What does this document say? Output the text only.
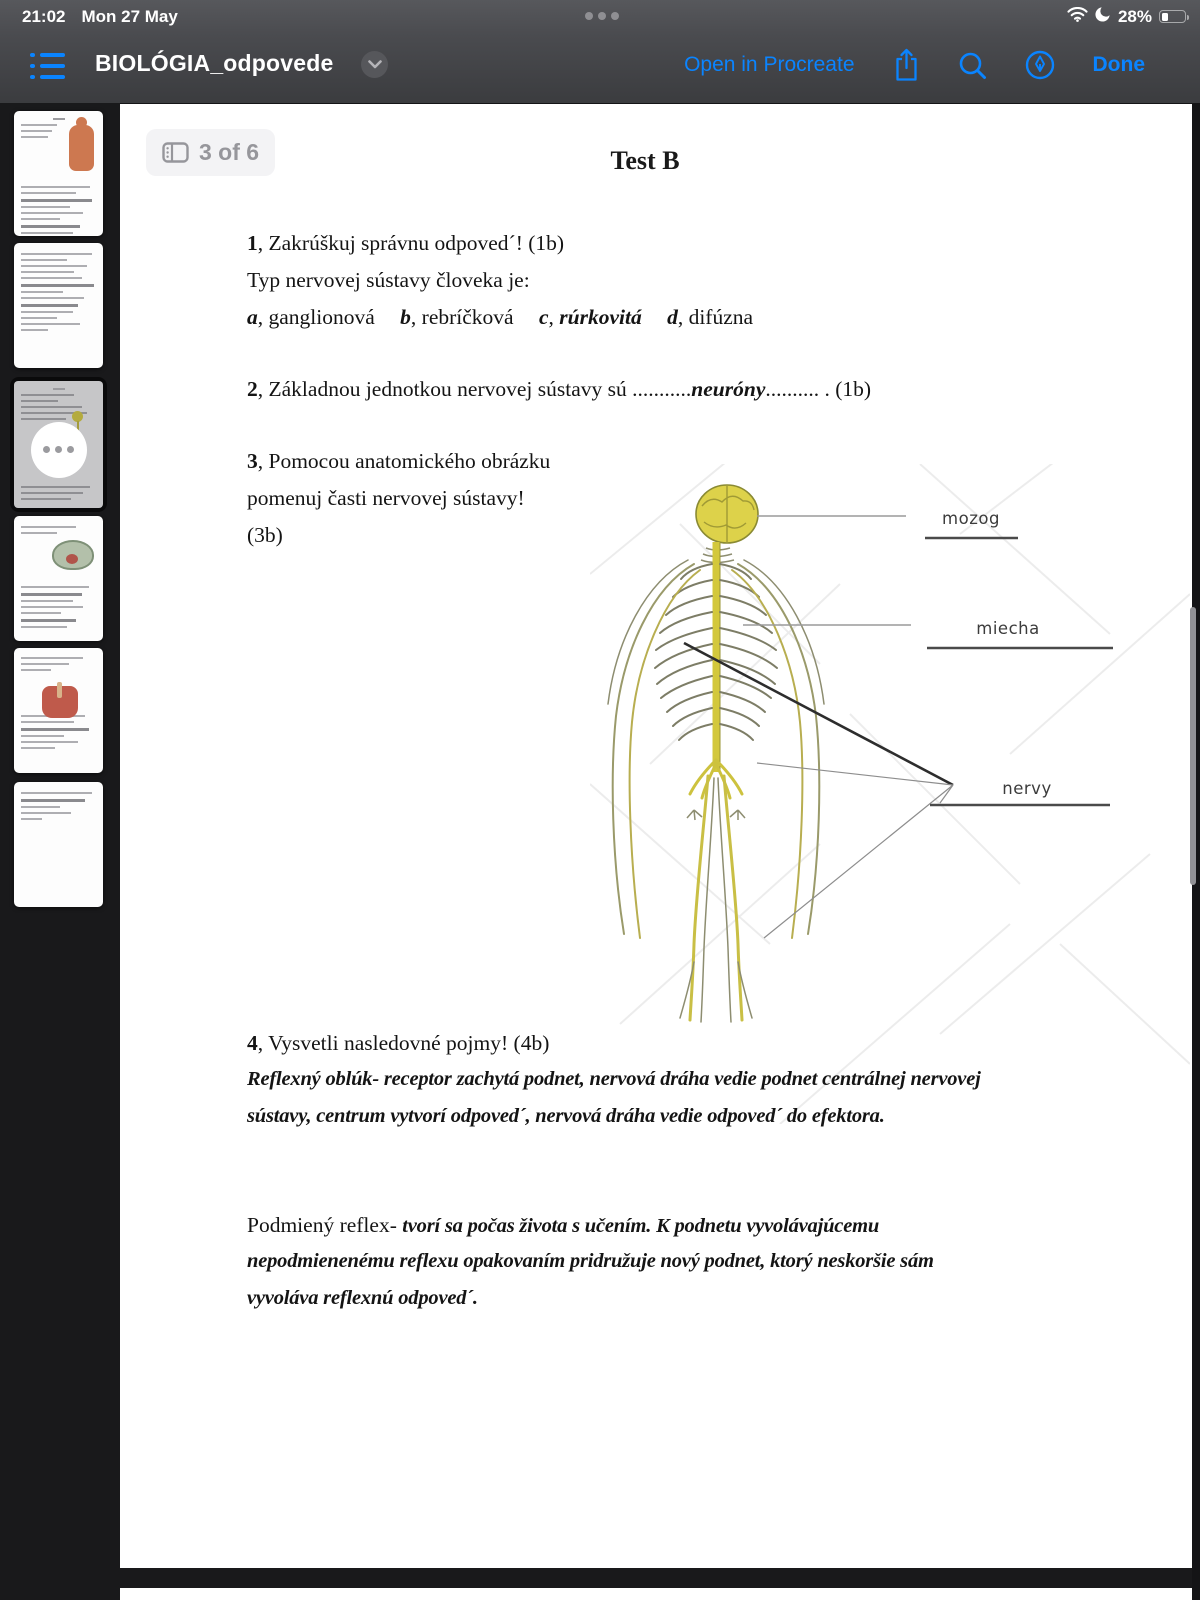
21:02 Mon 27 May	28%
BIOLÓGIA_odpovede	Open in Procreate	Done
3 of 6	Test B
1, Zakrúškuj správnu odpoved´! (1b)
Typ nervovej sústavy človeka je:
a, ganglionová b, rebríčková c, rúrkovitá d, difúzna
2, Základnou jednotkou nervovej sústavy sú ...........neuróny.......... . (1b)
3, Pomocou anatomického obrázku
pomenuj časti nervovej sústavy!
(3b)
mozog
miecha
nervy
4, Vysvetli nasledovné pojmy! (4b)
Reflexný oblúk- receptor zachytá podnet, nervová dráha vedie podnet centrálnej nervovej
sústavy, centrum vytvorí odpoved´, nervová dráha vedie odpoved´ do efektora.
Podmiený reflex- tvorí sa počas života s učením. K podnetu vyvolávajúcemu
nepodmienenému reflexu opakovaním pridružuje nový podnet, ktorý neskoršie sám
vyvoláva reflexnú odpoved´.
